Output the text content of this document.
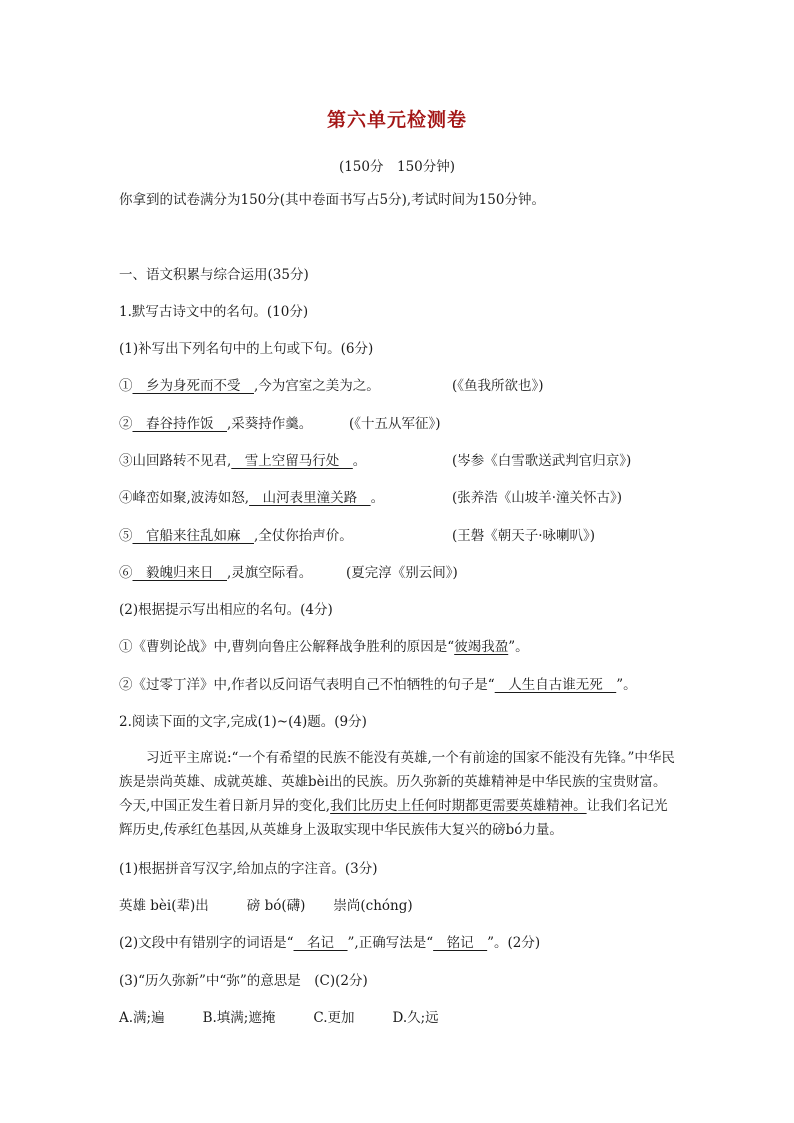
第六单元检测卷
(150分　150分钟)
你拿到的试卷满分为150分(其中卷面书写占5分),考试时间为150分钟。
一、语文积累与综合运用(35分)
1.默写古诗文中的名句。(10分)
(1)补写出下列名句中的上句或下句。(6分)
①　乡为身死而不受　,今为宫室之美为之。	(《鱼我所欲也》)
②　舂谷持作饭　,采葵持作羹。	(《十五从军征》)
③山回路转不见君,　雪上空留马行处　。	(岑参《白雪歌送武判官归京》)
④峰峦如聚,波涛如怒,　山河表里潼关路　。	(张养浩《山坡羊·潼关怀古》)
⑤　官船来往乱如麻　,全仗你抬声价。	(王磐《朝天子·咏喇叭》)
⑥　毅魄归来日　,灵旗空际看。 (夏完淳《别云间》)
(2)根据提示写出相应的名句。(4分)
①《曹刿论战》中,曹刿向鲁庄公解释战争胜利的原因是“彼竭我盈”。
②《过零丁洋》中,作者以反问语气表明自己不怕牺牲的句子是“　人生自古谁无死　”。
2.阅读下面的文字,完成(1)~(4)题。(9分)
习近平主席说:“一个有希望的民族不能没有英雄,一个有前途的国家不能没有先锋。”中华民族是崇尚英雄、成就英雄、英雄bèi出的民族。历久弥新的英雄精神是中华民族的宝贵财富。今天,中国正发生着日新月异的变化,我们比历史上任何时期都更需要英雄精神。让我们名记光辉历史,传承红色基因,从英雄身上汲取实现中华民族伟大复兴的磅bó力量。
(1)根据拼音写汉字,给加点的字注音。(3分)
英雄 bèi(辈)出	磅 bó(礴) 崇尚(chóng)
(2)文段中有错别字的词语是“　名记　”,正确写法是“　铭记　”。(2分)
(3)“历久弥新”中“弥”的意思是　(C)(2分)
A.满;遍	B.填满;遮掩	C.更加	D.久;远
